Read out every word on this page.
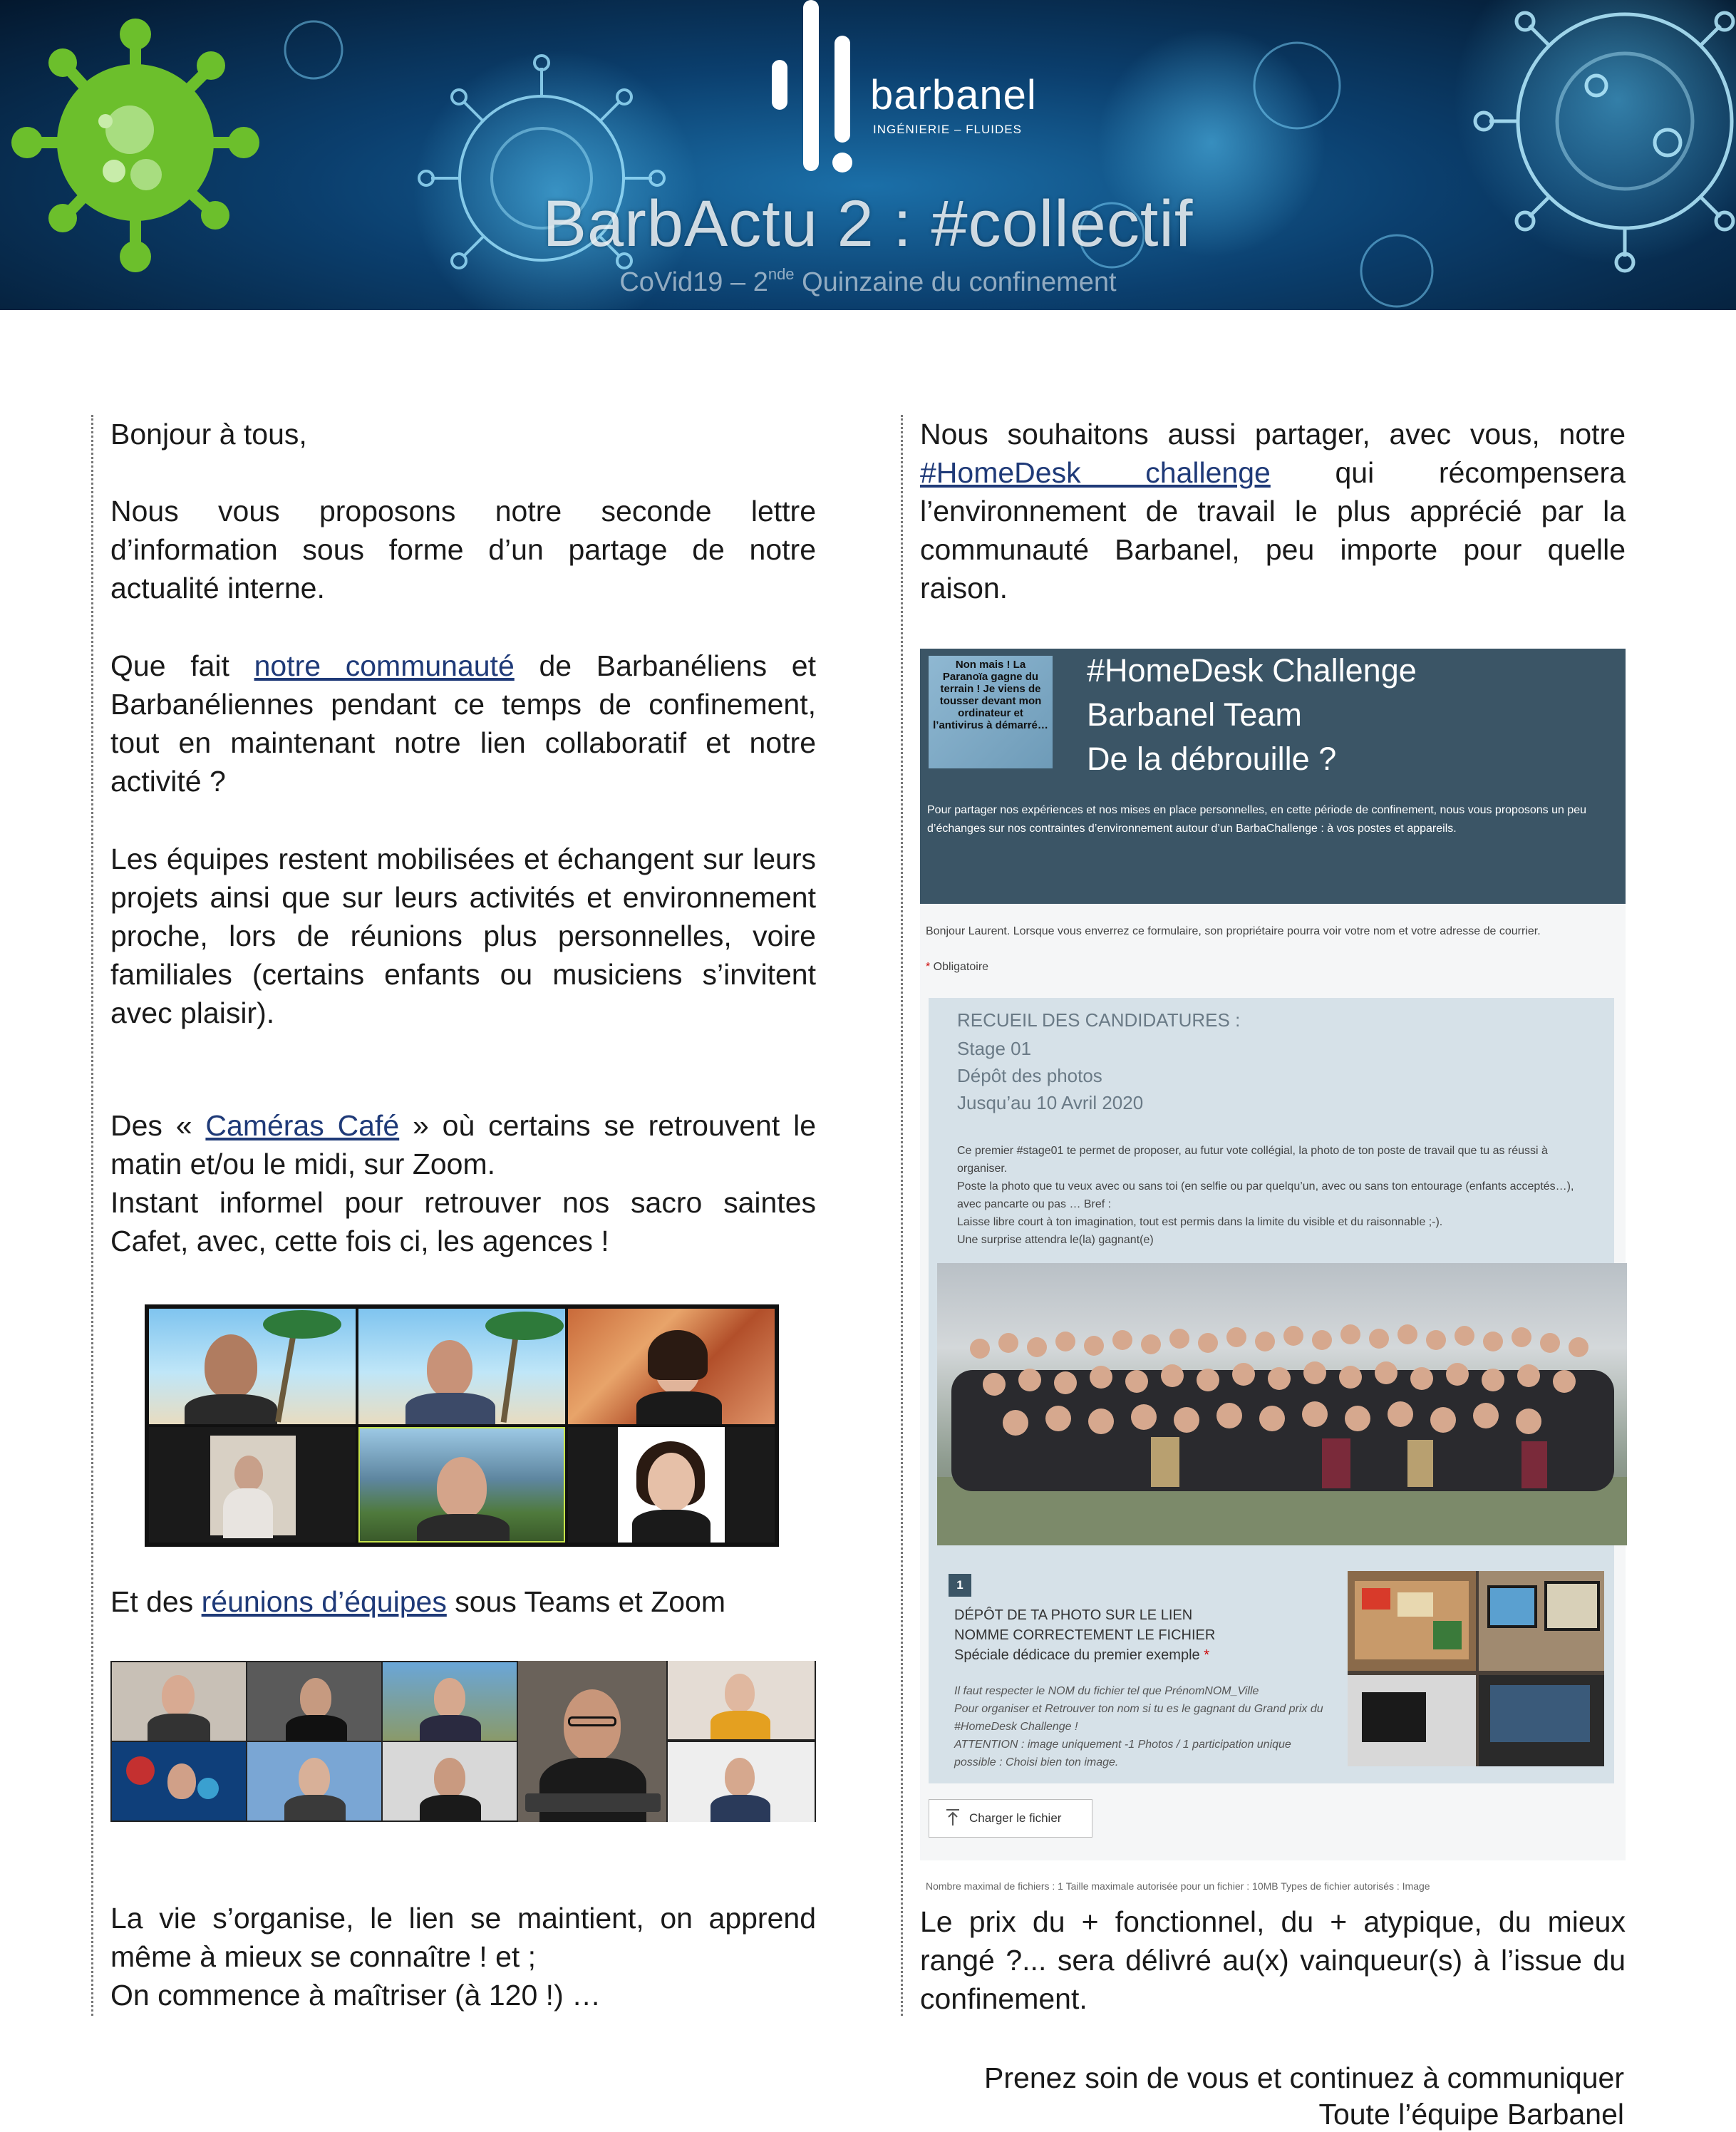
barbanel
INGÉNIERIE – FLUIDES
BarbActu 2 : #collectif
CoVid19 – 2nde Quinzaine du confinement

Bonjour à tous,

Nous vous proposons notre seconde lettre d’information sous forme d’un partage de notre actualité interne.

Que fait notre communauté de Barbanéliens et Barbanéliennes pendant ce temps de confinement, tout en maintenant notre lien collaboratif et notre activité ?

Les équipes restent mobilisées et échangent sur leurs projets ainsi que sur leurs activités et environnement proche, lors de réunions plus personnelles, voire familiales (certains enfants ou musiciens s’invitent avec plaisir).

Des « Caméras Café » où certains se retrouvent le matin et/ou le midi, sur Zoom.

Instant informel pour retrouver nos sacro saintes Cafet, avec, cette fois ci, les agences !

Et des réunions d’équipes sous Teams et Zoom

La vie s’organise, le lien se maintient, on apprend même à mieux se connaître ! et ;
On commence à maîtriser (à 120 !) …

Nous souhaitons aussi partager, avec vous, notre #HomeDesk challenge qui récompensera l’environnement de travail le plus apprécié par la communauté Barbanel, peu importe pour quelle raison.

Non mais ! La Paranoïa gagne du terrain ! Je viens de tousser devant mon ordinateur et l’antivirus à démarré…
#HomeDesk Challenge
Barbanel Team
De la débrouille ?
Pour partager nos expériences et nos mises en place personnelles, en cette période de confinement, nous vous proposons un peu d’échanges sur nos contraintes d’environnement autour d’un BarbaChallenge : à vos postes et appareils.
Bonjour Laurent. Lorsque vous enverrez ce formulaire, son propriétaire pourra voir votre nom et votre adresse de courrier.
* Obligatoire
RECUEIL DES CANDIDATURES :
Stage 01
Dépôt des photos
Jusqu’au 10 Avril 2020
Ce premier #stage01 te permet de proposer, au futur vote collégial, la photo de ton poste de travail que tu as réussi à organiser.
Poste la photo que tu veux avec ou sans toi (en selfie ou par quelqu’un, avec ou sans ton entourage (enfants acceptés…), avec pancarte ou pas … Bref :
Laisse libre court à ton imagination, tout est permis dans la limite du visible et du raisonnable ;-).
Une surprise attendra le(la) gagnant(e)
1
DÉPÔT DE TA PHOTO SUR LE LIEN
NOMME CORRECTEMENT LE FICHIER
Spéciale dédicace du premier exemple *
Il faut respecter le NOM du fichier tel que PrénomNOM_Ville
Pour organiser et Retrouver ton nom si tu es le gagnant du Grand prix du #HomeDesk Challenge !
ATTENTION : image uniquement -1 Photos / 1 participation unique possible : Choisi bien ton image.
Charger le fichier
Nombre maximal de fichiers : 1 Taille maximale autorisée pour un fichier : 10MB Types de fichier autorisés : Image

Le prix du + fonctionnel, du + atypique, du mieux rangé ?... sera délivré au(x) vainqueur(s) à l’issue du confinement.

Prenez soin de vous et continuez à communiquer

Toute l’équipe Barbanel
